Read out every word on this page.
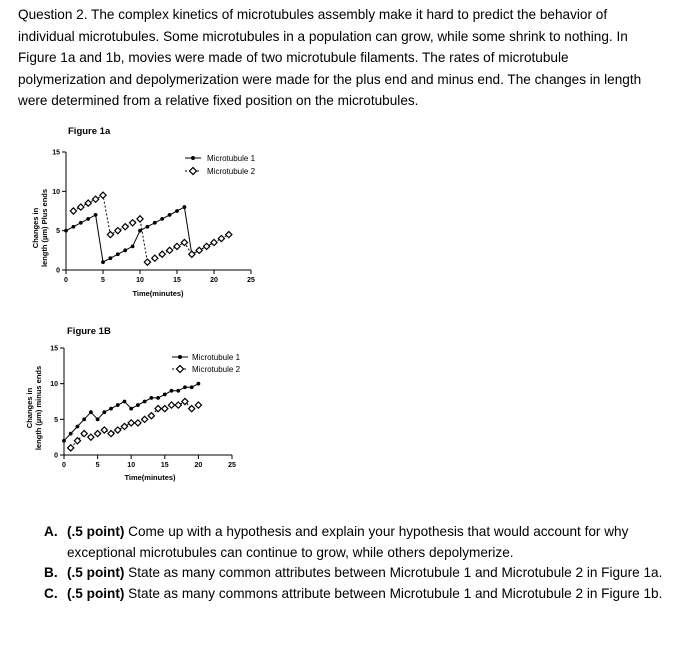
Question 2. The complex kinetics of microtubules assembly make it hard to predict the behavior of
individual microtubules. Some microtubules in a population can grow, while some shrink to nothing. In
Figure 1a and 1b, movies were made of two microtubule filaments. The rates of microtubule
polymerization and depolymerization were made for the plus end and minus end. The changes in length
were determined from a relative fixed position on the microtubules.
Figure 1a
Changes in length (µm) Plus ends
Time(minutes)
Microtubule 1
Microtubule 2
0
5
10
15
0	5	10	15	20	25
Figure 1B
Changes in length (µm) minus ends
Time(minutes)
Microtubule 1
Microtubule 2
0
5
10
15
0	5	10	15	20	25
A. (.5 point) Come up with a hypothesis and explain your hypothesis that would account for why exceptional microtubules can continue to grow, while others depolymerize.
B. (.5 point) State as many common attributes between Microtubule 1 and Microtubule 2 in Figure 1a.
C. (.5 point) State as many commons attribute between Microtubule 1 and Microtubule 2 in Figure 1b.
